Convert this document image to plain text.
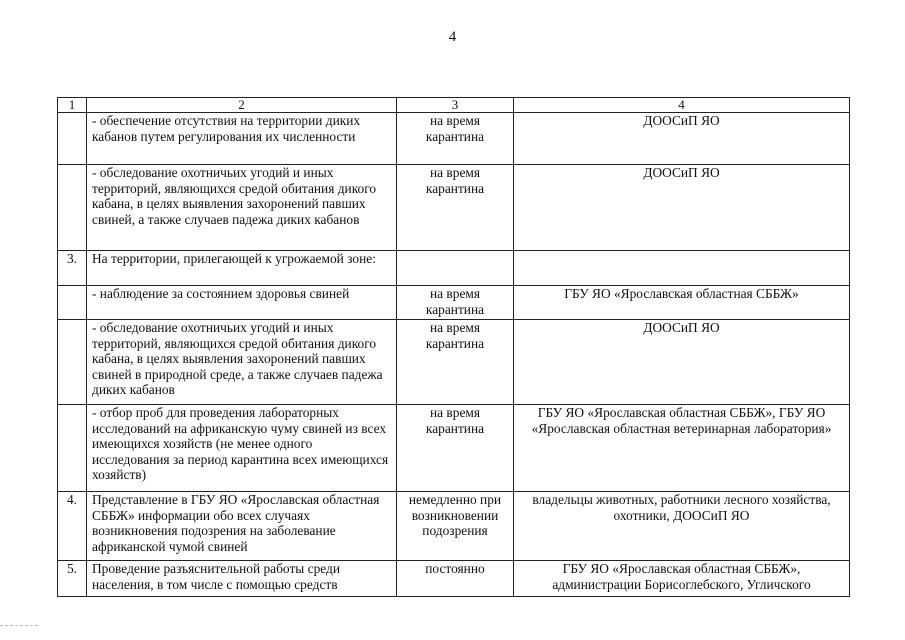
4
1	2	3	4
	- обеспечение отсутствия на территории диких кабанов путем регулирования их численности	на время карантина	ДООСиП ЯО
	- обследование охотничьих угодий и иных территорий, являющихся средой обитания дикого кабана, в целях выявления захоронений павших свиней, а также случаев падежа диких кабанов	на время карантина	ДООСиП ЯО
3.	На территории, прилегающей к угрожаемой зоне:		
	- наблюдение за состоянием здоровья свиней	на время карантина	ГБУ ЯО «Ярославская областная СББЖ»
	- обследование охотничьих угодий и иных территорий, являющихся средой обитания дикого кабана, в целях выявления захоронений павших свиней в природной среде, а также случаев падежа диких кабанов	на время карантина	ДООСиП ЯО
	- отбор проб для проведения лабораторных исследований на африканскую чуму свиней из всех имеющихся хозяйств (не менее одного исследования за период карантина всех имеющихся хозяйств)	на время карантина	ГБУ ЯО «Ярославская областная СББЖ», ГБУ ЯО «Ярославская областная ветеринарная лаборатория»
4.	Представление в ГБУ ЯО «Ярославская областная СББЖ» информации обо всех случаях возникновения подозрения на заболевание африканской чумой свиней	немедленно при возникновении подозрения	владельцы животных, работники лесного хозяйства, охотники, ДООСиП ЯО
5.	Проведение разъяснительной работы среди населения, в том числе с помощью средств	постоянно	ГБУ ЯО «Ярославская областная СББЖ», администрации Борисоглебского, Угличского
